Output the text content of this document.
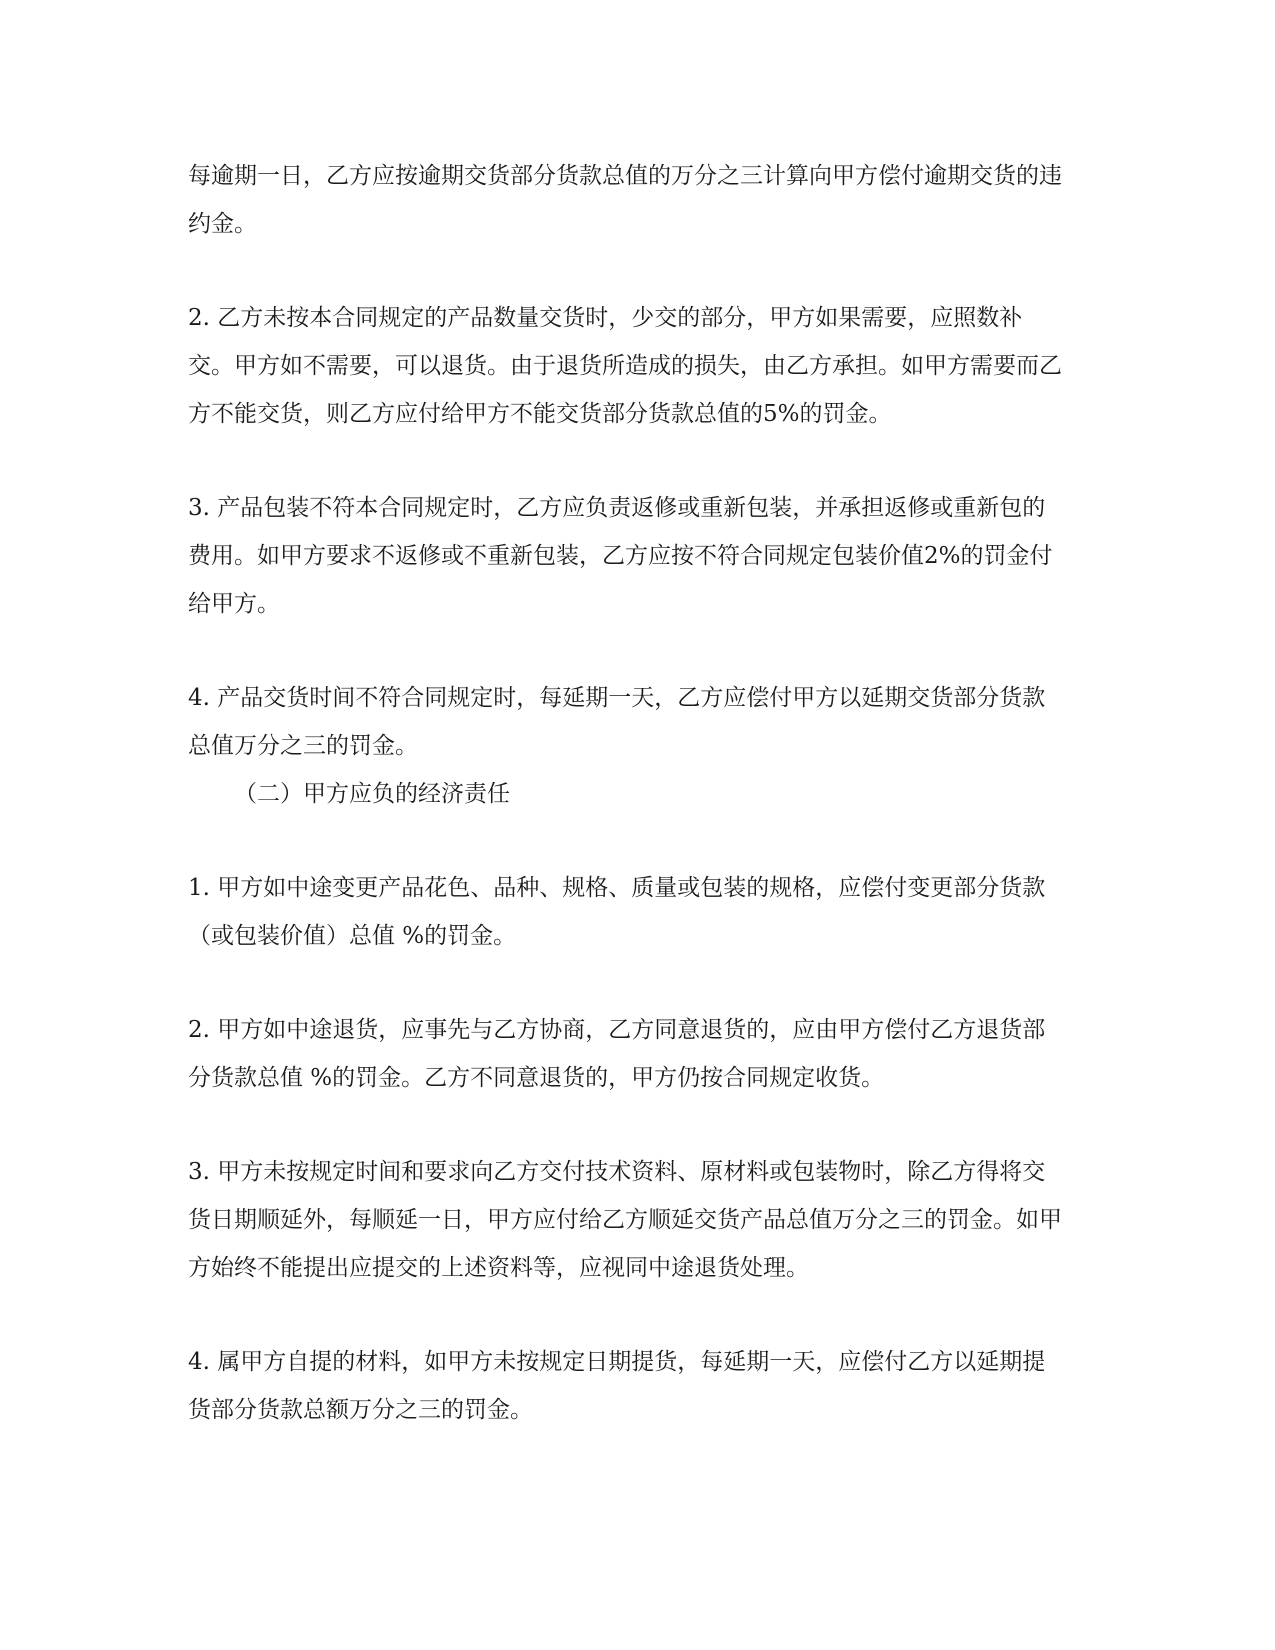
每逾期一日，乙方应按逾期交货部分货款总值的万分之三计算向甲方偿付逾期交货的违约金。

2. 乙方未按本合同规定的产品数量交货时，少交的部分，甲方如果需要，应照数补交。甲方如不需要，可以退货。由于退货所造成的损失，由乙方承担。如甲方需要而乙方不能交货，则乙方应付给甲方不能交货部分货款总值的5%的罚金。

3. 产品包装不符本合同规定时，乙方应负责返修或重新包装，并承担返修或重新包的费用。如甲方要求不返修或不重新包装，乙方应按不符合同规定包装价值2%的罚金付给甲方。

4. 产品交货时间不符合同规定时，每延期一天，乙方应偿付甲方以延期交货部分货款总值万分之三的罚金。

（二）甲方应负的经济责任

1. 甲方如中途变更产品花色、品种、规格、质量或包装的规格，应偿付变更部分货款（或包装价值）总值 %的罚金。

2. 甲方如中途退货，应事先与乙方协商，乙方同意退货的，应由甲方偿付乙方退货部分货款总值 %的罚金。乙方不同意退货的，甲方仍按合同规定收货。

3. 甲方未按规定时间和要求向乙方交付技术资料、原材料或包装物时，除乙方得将交货日期顺延外，每顺延一日，甲方应付给乙方顺延交货产品总值万分之三的罚金。如甲方始终不能提出应提交的上述资料等，应视同中途退货处理。

4. 属甲方自提的材料，如甲方未按规定日期提货，每延期一天，应偿付乙方以延期提货部分货款总额万分之三的罚金。
